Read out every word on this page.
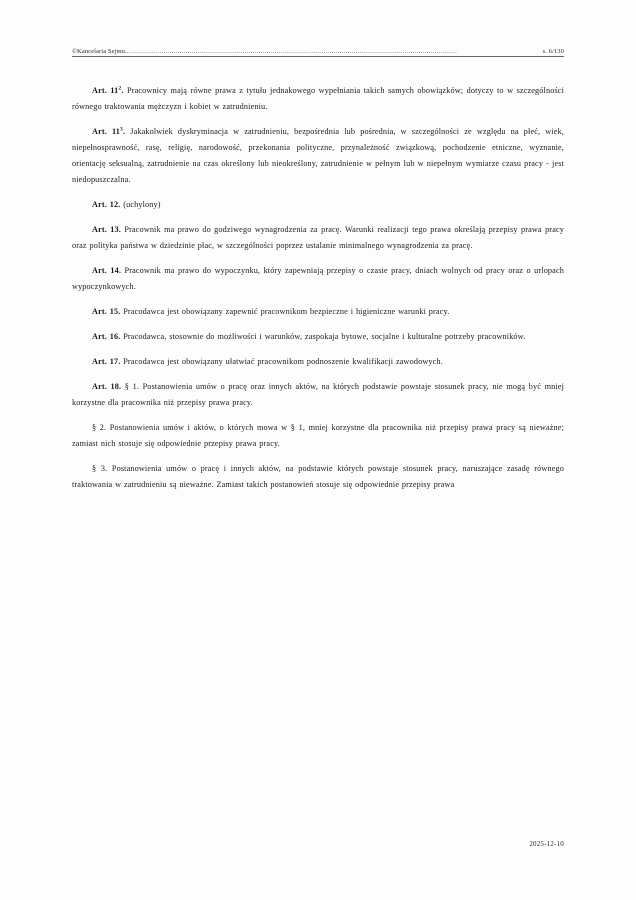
©Kancelaria Sejmu ....................................................................................................................................................................	s. 6/130

Art. $11^2$. Pracownicy mają równe prawa z tytułu jednakowego wypełniania takich samych obowiązków; dotyczy to w szczególności równego traktowania mężczyzn i kobiet w zatrudnieniu.

Art. $11^3$. Jakakolwiek dyskryminacja w zatrudnieniu, bezpośrednia lub pośrednia, w szczególności ze względu na płeć, wiek, niepełnosprawność, rasę, religię, narodowość, przekonania polityczne, przynależność związkową, pochodzenie etniczne, wyznanie, orientację seksualną, zatrudnienie na czas określony lub nieokreślony, zatrudnienie w pełnym lub w niepełnym wymiarze czasu pracy - jest niedopuszczalna.

Art. 12. (uchylony)

Art. 13. Pracownik ma prawo do godziwego wynagrodzenia za pracę. Warunki realizacji tego prawa określają przepisy prawa pracy oraz polityka państwa w dziedzinie płac, w szczególności poprzez ustalanie minimalnego wynagrodzenia za pracę.

Art. 14. Pracownik ma prawo do wypoczynku, który zapewniają przepisy o czasie pracy, dniach wolnych od pracy oraz o urlopach wypoczynkowych.

Art. 15. Pracodawca jest obowiązany zapewnić pracownikom bezpieczne i higieniczne warunki pracy.

Art. 16. Pracodawca, stosownie do możliwości i warunków, zaspokaja bytowe, socjalne i kulturalne potrzeby pracowników.

Art. 17. Pracodawca jest obowiązany ułatwiać pracownikom podnoszenie kwalifikacji zawodowych.

Art. 18. § 1. Postanowienia umów o pracę oraz innych aktów, na których podstawie powstaje stosunek pracy, nie mogą być mniej korzystne dla pracownika niż przepisy prawa pracy.

§ 2. Postanowienia umów i aktów, o których mowa w § 1, mniej korzystne dla pracownika niż przepisy prawa pracy są nieważne; zamiast nich stosuje się odpowiednie przepisy prawa pracy.

§ 3. Postanowienia umów o pracę i innych aktów, na podstawie których powstaje stosunek pracy, naruszające zasadę równego traktowania w zatrudnieniu są nieważne. Zamiast takich postanowień stosuje się odpowiednie przepisy prawa

2025-12-10
